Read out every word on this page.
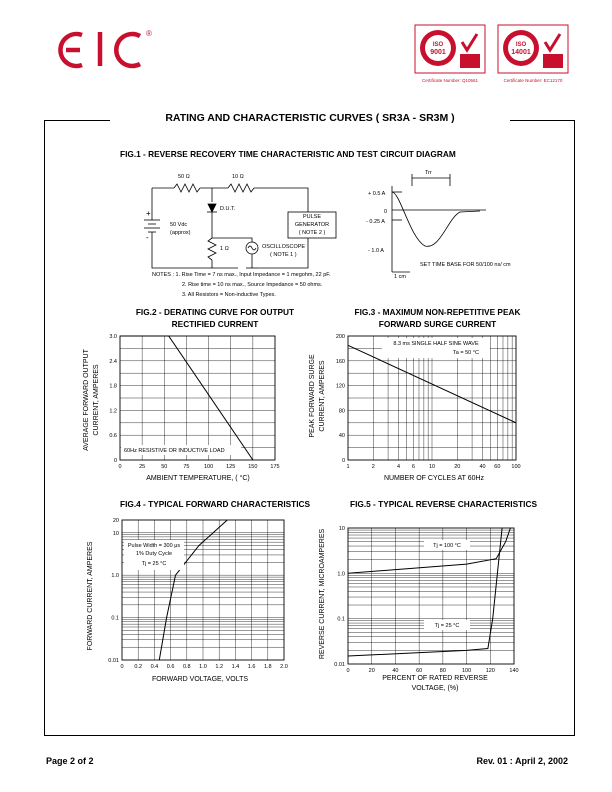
®
ISO
9001
ISO
14001
Certificate Number: Q10561	Certificate Number: EC12170
RATING AND CHARACTERISTIC CURVES ( SR3A - SR3M )
FIG.1 - REVERSE RECOVERY TIME CHARACTERISTIC AND TEST CIRCUIT DIAGRAM
+
-
50 Ω	10 Ω
D.U.T.
50 Vdc
(approx)
1 Ω	OSCILLOSCOPE
( NOTE 1 )
PULSE
GENERATOR
( NOTE 2 )
Trr
+ 0.5 A
0
- 0.25 A
- 1.0 A
SET TIME BASE FOR 50/100 ns/ cm
1 cm
NOTES : 1. Rise Time = 7 ns max., Input Impedance = 1 megohm, 22 pF.
2. Rise time = 10 ns max., Source Impedance = 50 ohms.
3. All Resistors = Non-inductive Types.
FIG.2 - DERATING CURVE FOR OUTPUT
RECTIFIED CURRENT
AVERAGE FORWARD OUTPUT CURRENT, AMPERES
AMBIENT TEMPERATURE, ( °C)
0	25	50	75	100 125 150 175
0
0.6
1.2
1.8
2.4
3.0
60Hz RESISTIVE OR INDUCTIVE LOAD
FIG.3 - MAXIMUM NON-REPETITIVE PEAK
FORWARD SURGE CURRENT
PEAK FORWARD SURGE CURRENT, AMPERES
NUMBER OF CYCLES AT 60Hz
1	2	4 6	10	20	40 60 100
0
40
80
120
160
200
8.3 ms SINGLE HALF SINE WAVE
Ta = 50 °C
FIG.4 - TYPICAL FORWARD CHARACTERISTICS
FORWARD CURRENT, AMPERES
FORWARD VOLTAGE, VOLTS
0 0.2 0.4 0.6 0.8 1.0 1.2 1.4 1.6 1.8 2.0
20
10
1.0
0.1
0.01
Pulse Width = 300 μs
1% Duty Cycle
Tj = 25 °C
FIG.5 - TYPICAL REVERSE CHARACTERISTICS
REVERSE CURRENT, MICROAMPERES
PERCENT OF RATED REVERSE
VOLTAGE, (%)
0	20	40	60	80	100	120	140
10
1.0
0.1
0.01
Tj = 100 °C
Tj = 25 °C
Page 2 of 2	Rev. 01 : April 2, 2002
